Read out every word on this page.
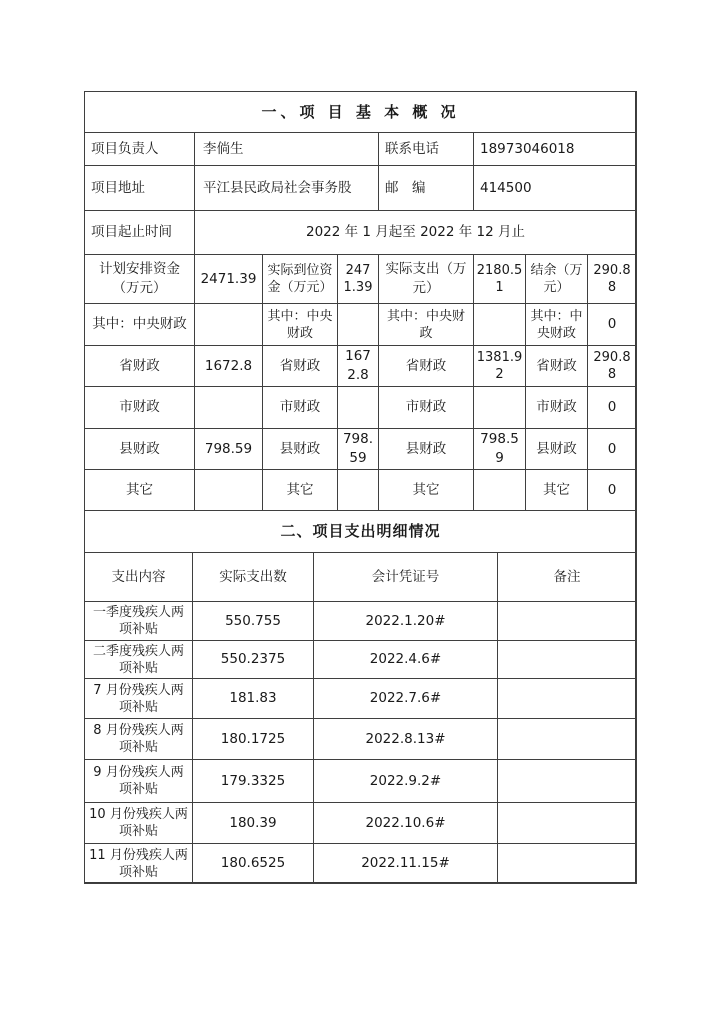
一、项 目 基 本 概 况							
项目负责人	李倘生			联系电话	18973046018		
项目地址	平江县民政局社会事务股			邮　编	414500		
项目起止时间	2022 年 1 月起至 2022 年 12 月止						
计划安排资金（万元）	2471.39	实际到位资金（万元）	2471.39	实际支出（万元）	2180.51	结余（万元）	290.88
其中：中央财政		其中：中央财政		其中：中央财政		其中：中央财政	0
省财政	1672.8	省财政	1672.8	省财政	1381.92	省财政	290.88
市财政		市财政		市财政		市财政	0
县财政	798.59	县财政	798.59	县财政	798.59	县财政	0
其它		其它		其它		其它	0
二、项目支出明细情况			
支出内容	实际支出数	会计凭证号	备注
一季度残疾人两项补贴	550.755	2022.1.20#	
二季度残疾人两项补贴	550.2375	2022.4.6#	
7 月份残疾人两项补贴	181.83	2022.7.6#	
8 月份残疾人两项补贴	180.1725	2022.8.13#	
9 月份残疾人两项补贴	179.3325	2022.9.2#	
10 月份残疾人两项补贴	180.39	2022.10.6#	
11 月份残疾人两项补贴	180.6525	2022.11.15#	
